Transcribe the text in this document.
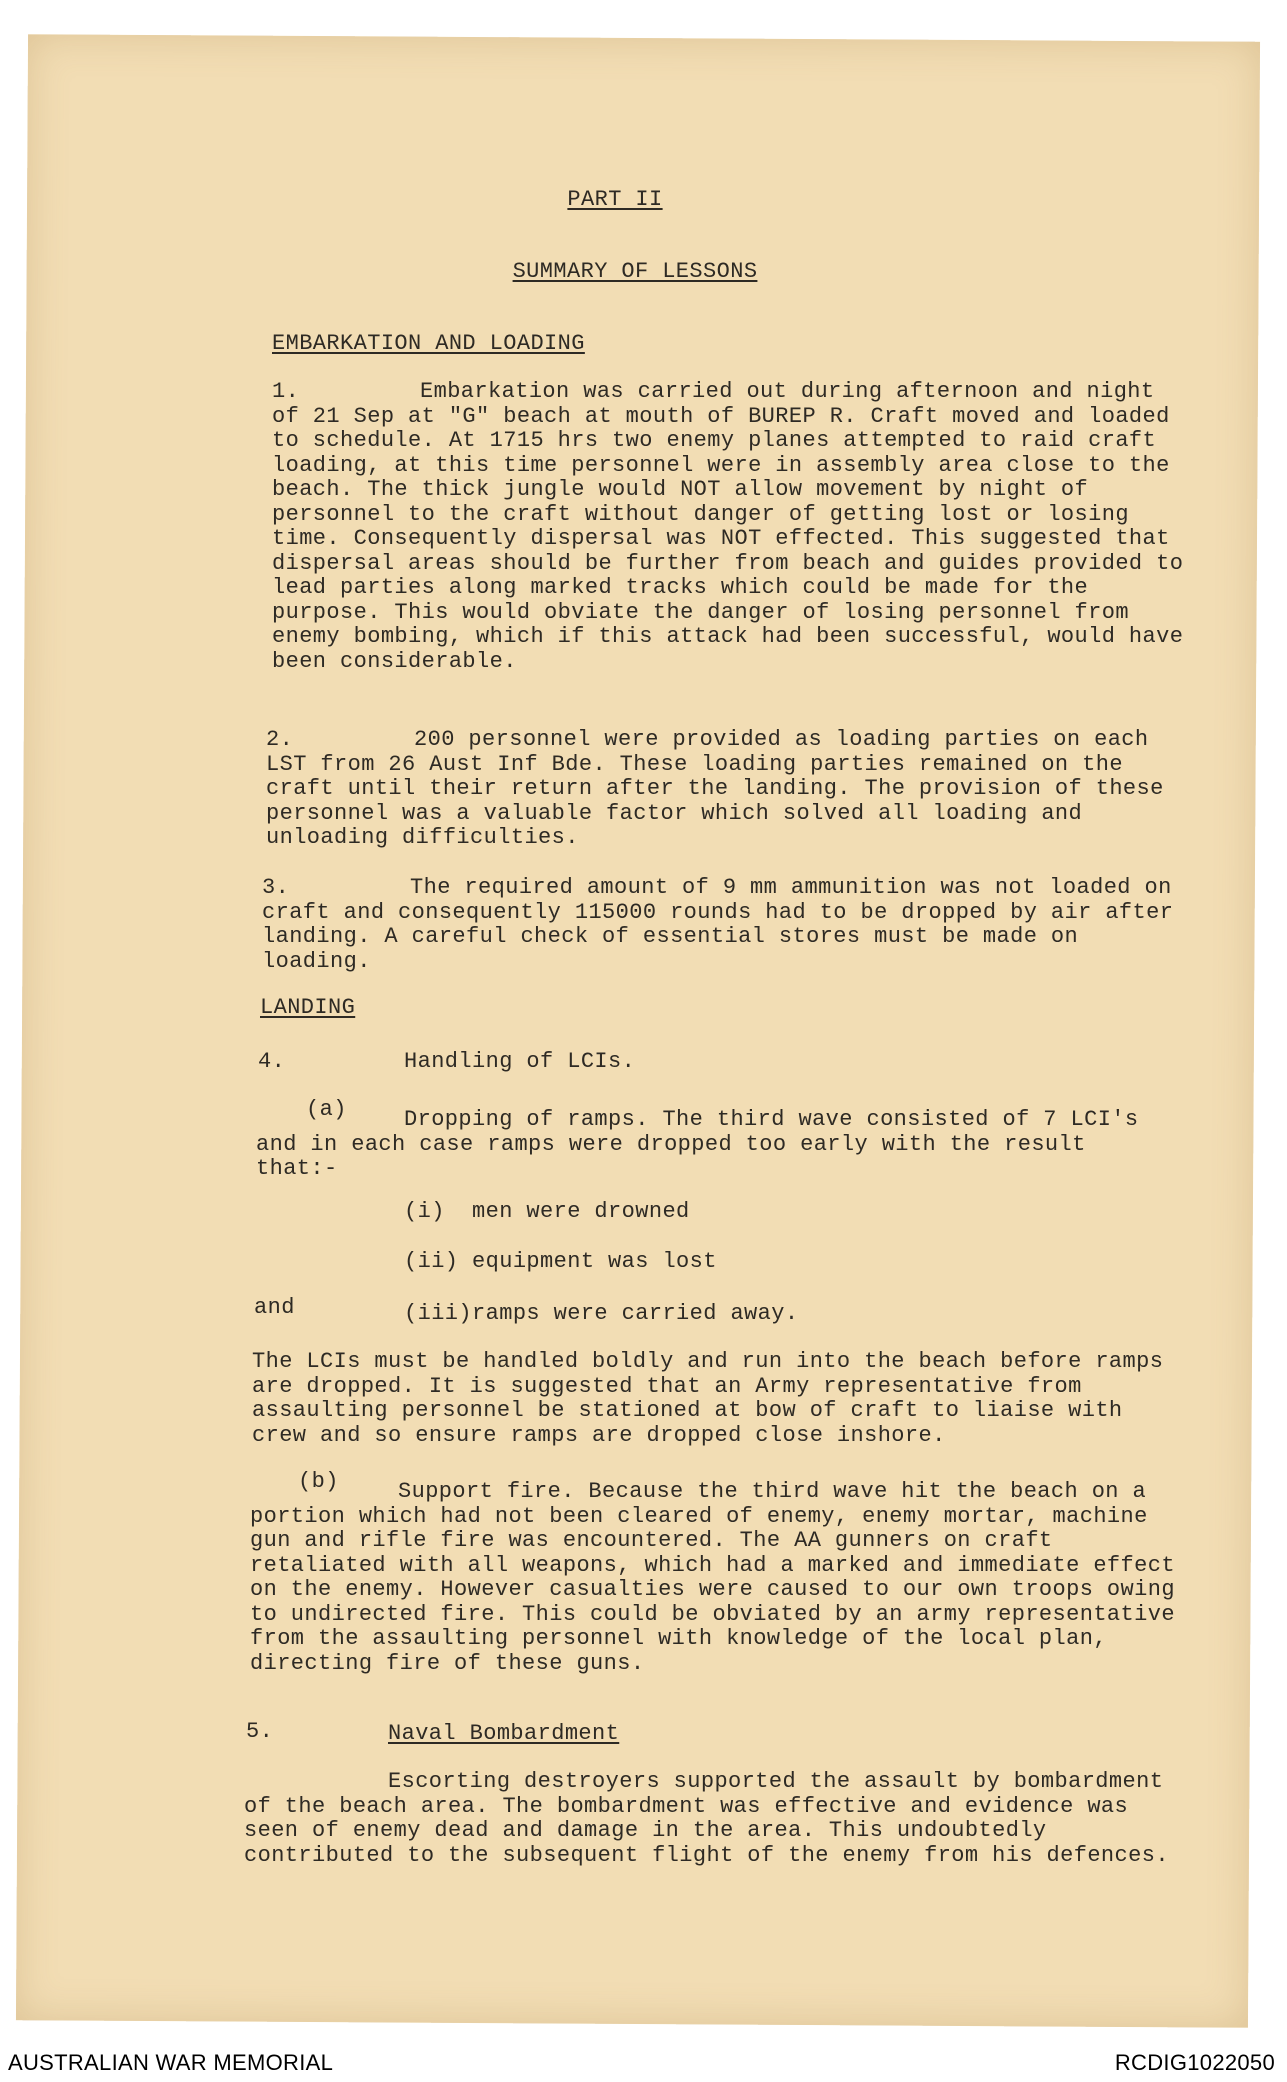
PART II
SUMMARY OF LESSONS
EMBARKATION AND LOADING
1.	Embarkation was carried out during afternoon and night of 21 Sep at "G" beach at mouth of BUREP R. Craft moved and loaded to schedule. At 1715 hrs two enemy planes attempted to raid craft loading, at this time personnel were in assembly area close to the beach. The thick jungle would NOT allow movement by night of personnel to the craft without danger of getting lost or losing time. Consequently dispersal was NOT effected. This suggested that dispersal areas should be further from beach and guides provided to lead parties along marked tracks which could be made for the purpose. This would obviate the danger of losing personnel from enemy bombing, which if this attack had been successful, would have been considerable.
2.	200 personnel were provided as loading parties on each LST from 26 Aust Inf Bde. These loading parties remained on the craft until their return after the landing. The provision of these personnel was a valuable factor which solved all loading and unloading difficulties.
3.	The required amount of 9 mm ammunition was not loaded on craft and consequently 115000 rounds had to be dropped by air after landing. A careful check of essential stores must be made on loading.
LANDING
4.	Handling of LCIs.
(a)	Dropping of ramps. The third wave consisted of 7 LCI's and in each case ramps were dropped too early with the result that:-
(i)  men were drowned
(ii) equipment was lost
and	(iii)ramps were carried away.
The LCIs must be handled boldly and run into the beach before ramps are dropped. It is suggested that an Army representative from assaulting personnel be stationed at bow of craft to liaise with crew and so ensure ramps are dropped close inshore.
(b)	Support fire. Because the third wave hit the beach on a portion which had not been cleared of enemy, enemy mortar, machine gun and rifle fire was encountered. The AA gunners on craft retaliated with all weapons, which had a marked and immediate effect on the enemy. However casualties were caused to our own troops owing to undirected fire. This could be obviated by an army representative from the assaulting personnel with knowledge of the local plan, directing fire of these guns.
5.	Naval Bombardment
Escorting destroyers supported the assault by bombardment of the beach area. The bombardment was effective and evidence was seen of enemy dead and damage in the area. This undoubtedly contributed to the subsequent flight of the enemy from his defences.
AUSTRALIAN WAR MEMORIAL	RCDIG1022050
